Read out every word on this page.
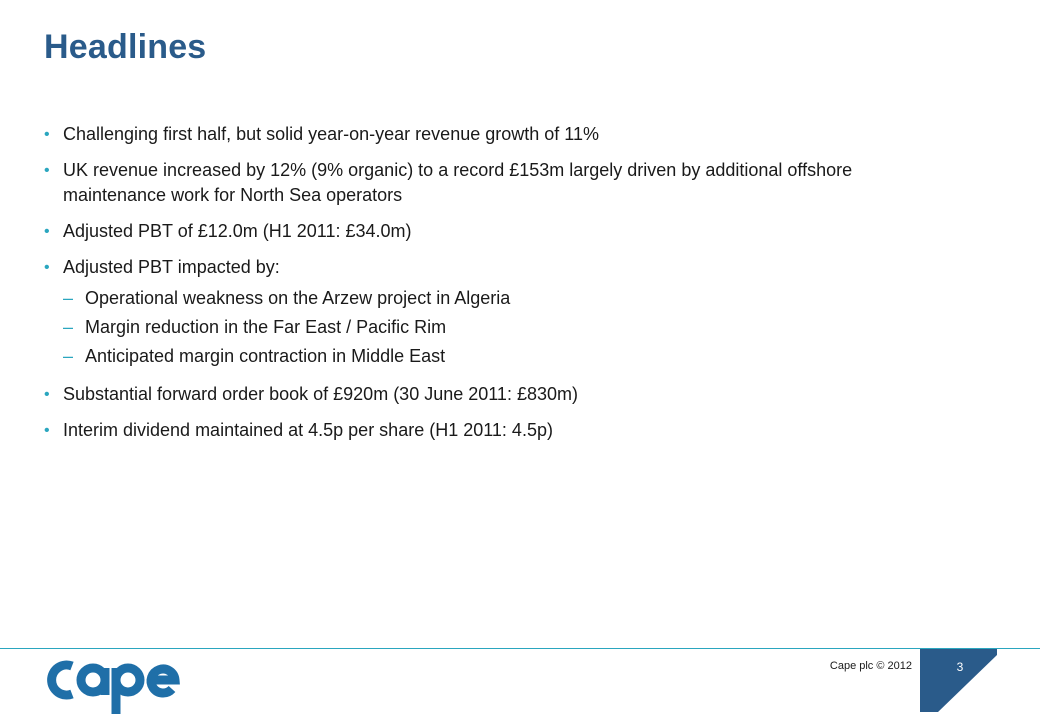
Headlines
• Challenging first half, but solid year-on-year revenue growth of 11%
• UK revenue increased by 12% (9% organic) to a record £153m largely driven by additional offshore maintenance work for North Sea operators
• Adjusted PBT of £12.0m (H1 2011: £34.0m)
• Adjusted PBT impacted by:
– Operational weakness on the Arzew project in Algeria
– Margin reduction in the Far East / Pacific Rim
– Anticipated margin contraction in Middle East
• Substantial forward order book of £920m (30 June 2011: £830m)
• Interim dividend maintained at 4.5p per share (H1 2011: 4.5p)
Cape plc © 2012	3
